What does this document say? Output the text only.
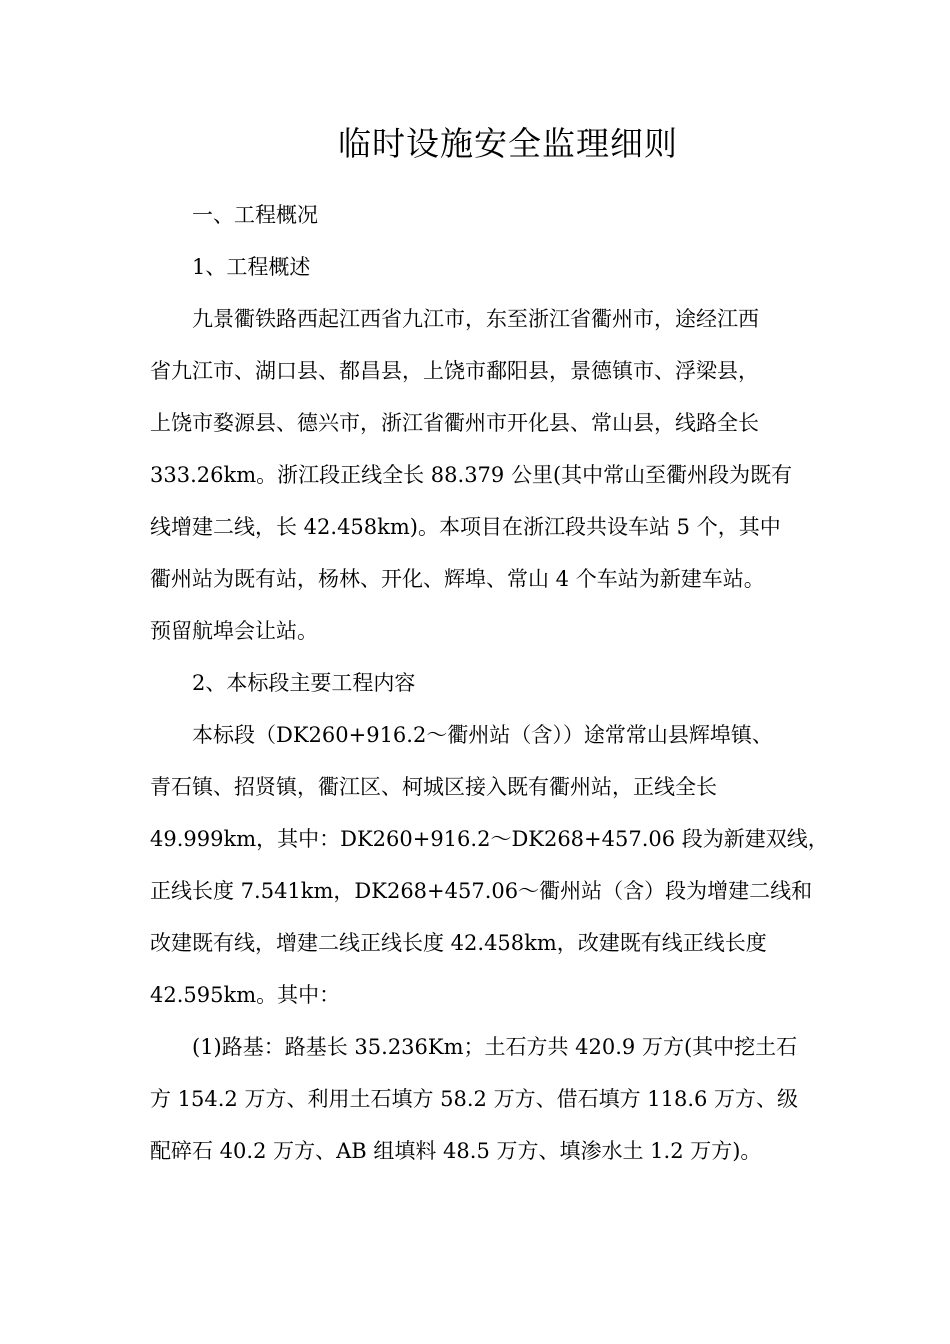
临时设施安全监理细则

一、工程概况

1、工程概述

九景衢铁路西起江西省九江市，东至浙江省衢州市，途经江西
省九江市、湖口县、都昌县，上饶市鄱阳县，景德镇市、浮梁县，
上饶市婺源县、德兴市，浙江省衢州市开化县、常山县，线路全长
333.26km。浙江段正线全长 88.379 公里(其中常山至衢州段为既有
线增建二线，长 42.458km)。本项目在浙江段共设车站 5 个，其中
衢州站为既有站，杨林、开化、辉埠、常山 4 个车站为新建车站。
预留航埠会让站。

2、本标段主要工程内容

本标段（DK260+916.2～衢州站（含））途常常山县辉埠镇、
青石镇、招贤镇，衢江区、柯城区接入既有衢州站，正线全长
49.999km，其中：DK260+916.2～DK268+457.06 段为新建双线，
正线长度 7.541km，DK268+457.06～衢州站（含）段为增建二线和
改建既有线，增建二线正线长度 42.458km，改建既有线正线长度
42.595km。其中：

(1)路基：路基长 35.236Km；土石方共 420.9 万方(其中挖土石
方 154.2 万方、利用土石填方 58.2 万方、借石填方 118.6 万方、级
配碎石 40.2 万方、AB 组填料 48.5 万方、填渗水土 1.2 万方)。
